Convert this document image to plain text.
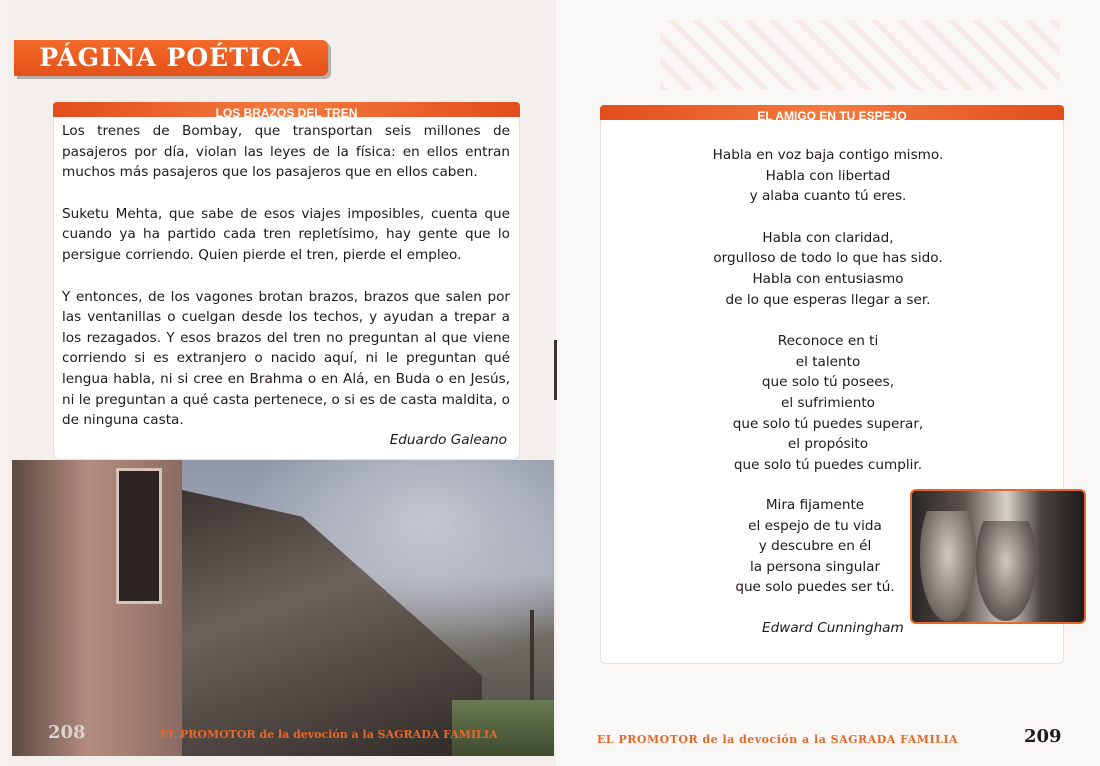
PÁGINA POÉTICA
LOS BRAZOS DEL TREN

Los trenes de Bombay, que transportan seis millones de pasajeros por día, violan las leyes de la física: en ellos entran muchos más pasajeros que los pasajeros que en ellos caben.

Suketu Mehta, que sabe de esos viajes imposibles, cuenta que cuando ya ha partido cada tren repletísimo, hay gente que lo persigue corriendo. Quien pierde el tren, pierde el empleo.

Y entonces, de los vagones brotan brazos, brazos que salen por las ventanillas o cuelgan desde los techos, y ayudan a trepar a los rezagados. Y esos brazos del tren no preguntan al que viene corriendo si es extranjero o nacido aquí, ni le preguntan qué lengua habla, ni si cree en Brahma o en Alá, en Buda o en Jesús, ni le preguntan a qué casta pertenece, o si es de casta maldita, o de ninguna casta.

Eduardo Galeano
208	EL PROMOTOR de la devoción a la SAGRADA FAMILIA
EL AMIGO EN TU ESPEJO
Habla en voz baja contigo mismo.
Habla con libertad
y alaba cuanto tú eres.
Habla con claridad,
orgulloso de todo lo que has sido.
Habla con entusiasmo
de lo que esperas llegar a ser.
Reconoce en ti
el talento
que solo tú posees,
el sufrimiento
que solo tú puedes superar,
el propósito
que solo tú puedes cumplir.
Mira fijamente
el espejo de tu vida
y descubre en él
la persona singular
que solo puedes ser tú.
Edward Cunningham
EL PROMOTOR de la devoción a la SAGRADA FAMILIA	209
